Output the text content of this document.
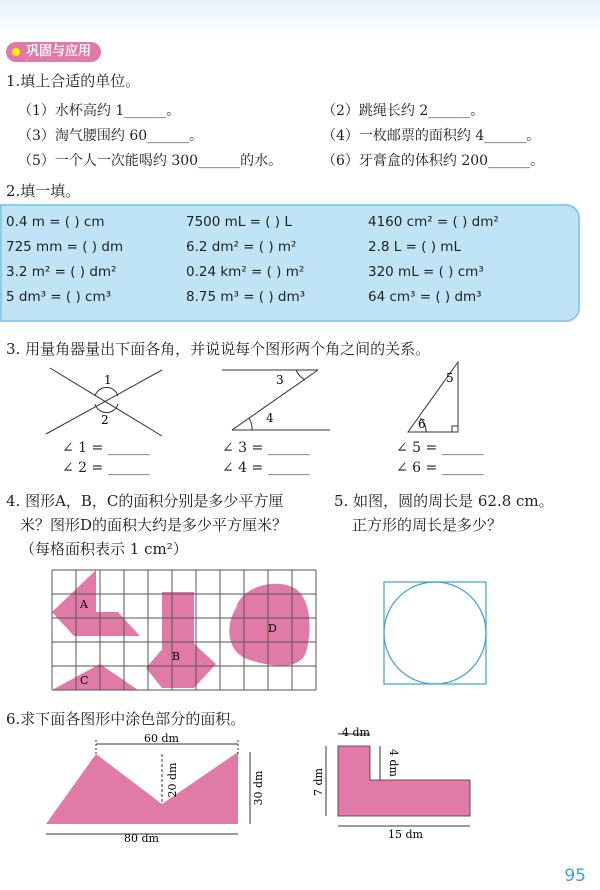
巩固与应用
1.填上合适的单位。
（1）水杯高约 1______。	（2）跳绳长约 2______。
（3）淘气腰围约 60______。	（4）一枚邮票的面积约 4______。
（5）一个人一次能喝约 300______的水。	（6）牙膏盒的体积约 200______。
2.填一填。
0.4 m = ( ) cm	7500 mL = ( ) L	4160 cm² = ( ) dm²
725 mm = ( ) dm	6.2 dm² = ( ) m²	2.8 L = ( ) mL
3.2 m² = ( ) dm²	0.24 km² = ( ) m²	320 mL = ( ) cm³
5 dm³ = ( ) cm³	8.75 m³ = ( ) dm³	64 cm³ = ( ) dm³
3. 用量角器量出下面各角，并说说每个图形两个角之间的关系。
1
2
3
4
5
6
∠ 1 = ______
∠ 2 = ______
∠ 3 = ______
∠ 4 = ______
∠ 5 = ______
∠ 6 = ______
4. 图形A，B，C的面积分别是多少平方厘
米？图形D的面积大约是多少平方厘米？
（每格面积表示 1 cm²）
5. 如图，圆的周长是 62.8 cm。
正方形的周长是多少？
A
B
C
D
6.求下面各图形中涂色部分的面积。
60 dm
20 dm	30 dm
80 dm
4 dm
4 dm
7 dm
15 dm
95
